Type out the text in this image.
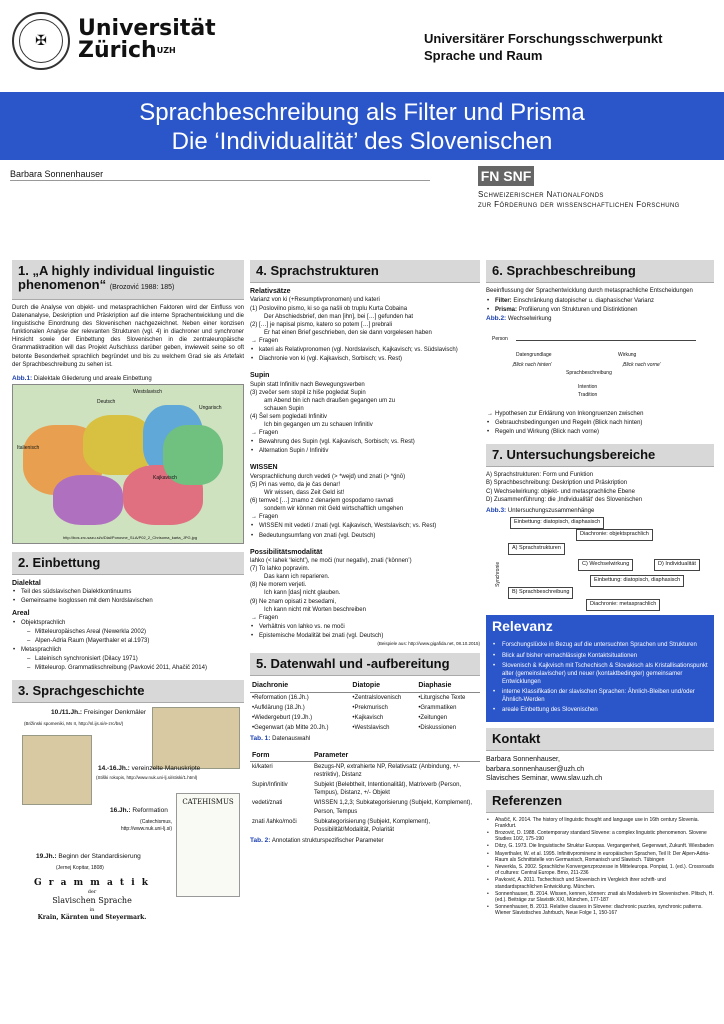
✠	Universität
Zürich$^{UZH}$
Universitärer Forschungsschwerpunkt
Sprache und Raum
Sprachbeschreibung als Filter und Prisma
Die ‘Individualität’ des Slovenischen
Barbara Sonnenhauser	FN SNF
Schweizerischer Nationalfonds
zur Förderung der wissenschaftlichen Forschung
1. „A highly individual linguistic phenomenon“ (Brozović 1988: 185)

Durch die Analyse von objekt- und metasprachlichen Faktoren wird der Einfluss von Datenanalyse, Deskription und Präskription auf die interne Sprachentwicklung und die linguistische Einordnung des Slovenischen nachgezeichnet. Neben einer konzisen funktionalen Analyse der relevanten Strukturen (vgl. 4) in diachroner und synchroner Hinsicht sowie der Einbettung des Slovenischen in die zentraleuropäische Grammatiktradition will das Projekt Aufschluss darüber geben, inwieweit seine so oft betonte Besonderheit sprachlich begründet und bis zu welchem Grad sie als Artefakt der Sprachbeschreibung zu sehen ist.

Abb.1: Dialektale Gliederung und areale Einbettung
Westslavisch
Deutsch
Ungarisch
Italienisch
Kajkavisch
http://bos.zrc-sazu.si/c/Dial/Ponovne_SLA/P02_2_Chrisoma_karta_JPG.jpg
2. Einbettung
Dialektal
• Teil des südslavischen Dialektkontinuums
• Gemeinsame Isoglossen mit dem Nordslavischen
Areal
• Objektsprachlich
– Mitteleuropäisches Areal (Newerkla 2002)
– Alpen-Adria Raum (Mayerthaler et al.1973)
• Metasprachlich
– Lateinisch synchronisiert (Dilacy 1971)
– Mitteleurop. Grammatikschreibung (Pavković 2011, Ahačič 2014)
3. Sprachgeschichte
10./11.Jh.: Freisinger Denkmäler
(Brižinski spomeniki, Ms II, http://nl.ijs.si/e-zrc/bs/)
14.-16.Jh.: vereinzelte Manuskripte
(Stiški rokopis, http://www.nuk.uni-lj.si/stiski/1.html)
16.Jh.: Reformation
(Catechismus, http://www.nuk.uni-lj.si)
CATEHISMUS
19.Jh.: Beginn der Standardisierung
(Jernej Kopitar, 1808)
G r a m m a t i k
der
Slavischen Sprache
in
Krain, Kärnten und Steyermark.
4. Sprachstrukturen
Relativsätze
Varianz von ki (+Resumptivpronomen) und kateri
(1) Poslovilno pismo, ki so ga našli ob truplu Kurta Cobaina
Der Abschiedsbrief, den man [ihn], bei […] gefunden hat
(2) […] je napisal pismo, katero so potem […] prebrali
Er hat einen Brief geschrieben, den sie dann vorgelesen haben
→ Fragen
• kateri als Relativpronomen (vgl. Nordslavisch, Kajkavisch; vs. Südslavisch)
• Diachronie von ki (vgl. Kajkavisch, Sorbisch; vs. Rest)
Supin
Supin statt Infinitiv nach Bewegungsverben
(3) zvečer sem stopil iz hiše pogledat Supin
am Abend bin ich nach draußen gegangen um zu
schauen Supin
(4) Šel sem pogledati Infinitiv
Ich bin gegangen um zu schauen Infinitiv
→ Fragen
• Bewahrung des Supin (vgl. Kajkavisch, Sorbisch; vs. Rest)
• Alternation Supin / Infinitiv
WISSEN
Versprachlichung durch vedeti (> *wejd) und znati (> *ǵnō)
(5) Pri nas vemo, da je čas denar!
Wir wissen, dass Zeit Geld ist!
(6) temveč […] znamo z denarjem gospodarno ravnati
sondern wir können mit Geld wirtschaftlich umgehen
→ Fragen
• WISSEN mit vedeti / znati (vgl. Kajkavisch, Westslavisch; vs. Rest)
• Bedeutungsumfang von znati (vgl. Deutsch)
Possibilitätsmodalität
lahko (< lahek ‘leicht’), ne moči (nur negativ), znati (‘können’)
(7) To lahko popravim.
Das kann ich reparieren.
(8) Ne morem verjeti.
Ich kann [das] nicht glauben.
(9) Ne znam opisati z besedami,
Ich kann nicht mit Worten beschreiben
→ Fragen
• Verhältnis von lahko vs. ne moči
• Epistemische Modalität bei znati (vgl. Deutsch)
(Beispiele aus: http://www.gigafida.net, 08.10.2015)
5. Datenwahl und -aufbereitung
Diachronie	Diatopie	Diaphasie
•Reformation (16.Jh.)	•Zentralslovenisch	•Liturgische Texte
•Aufklärung (18.Jh.)	•Prekmurisch	•Grammatiken
•Wiedergeburt (19.Jh.)	•Kajkavisch	•Zeitungen
•Gegenwart (ab Mitte 20.Jh.)	•Westslavisch	•Diskussionen
Tab. 1: Datenauswahl
Form	Parameter
ki/kateri	Bezugs-NP, extrahierte NP, Relativsatz (Anbindung, +/- restriktiv), Distanz
Supin/Infinitiv	Subjekt (Belebtheit, Intentionalität), Matrixverb (Person, Tempus), Distanz, +/- Objekt
vedeti/znati	WISSEN 1,2,3; Subkategorisierung (Subjekt, Komplement), Person, Tempus
znati /lahko/moči	Subkategorisierung (Subjekt, Komplement), Possibilität/Modalität, Polarität
Tab. 2: Annotation strukturspezifischer Parameter
6. Sprachbeschreibung

Beeinflussung der Sprachentwicklung durch metasprachliche Entscheidungen

• Filter: Einschränkung diatopischer u. diaphasischer Varianz
• Prisma: Profilierung von Strukturen und Distinktionen
Abb.2: Wechselwirkung
Person
Datengrundlage	Wirkung
‚Blick nach hinten‘	‚Blick nach vorne‘
Sprachbeschreibung
Intention
Tradition
→ Hypothesen zur Erklärung von Inkongruenzen zwischen
• Gebrauchsbedingungen und Regeln (Blick nach hinten)
• Regeln und Wirkung (Blick nach vorne)
7. Untersuchungsbereiche
A) Sprachstrukturen: Form und Funktion
B) Sprachbeschreibung: Deskription und Präskription
C) Wechselwirkung: objekt- und metasprachliche Ebene
D) Zusammenführung: die ‚Individualität‘ des Slovenischen
Abb.3: Untersuchungszusammenhänge
Einbettung: diatopisch, diaphasisch
Diachronie: objektsprachlich
A) Sprachstrukturen
C) Wechselwirkung	D) Individualität
Synchronie	Einbettung: diatopisch, diaphasisch
B) Sprachbeschreibung
Diachronie: metasprachlich
Relevanz
• Forschungslücke in Bezug auf die untersuchten Sprachen und Strukturen
• Blick auf bisher vernachlässigte Kontaktsituationen
• Slovenisch & Kajkvisch mit Tschechisch & Slovakisch als Kristallisationspunkt alter (gemeinslavischer) und neuer (kontaktbedingter) gemeinsamer Entwicklungen
• interne Klassifikation der slavischen Sprachen: Ähnlich-Bleiben und/oder Ähnlich-Werden
• areale Einbettung des Slovenischen
Kontakt
Barbara Sonnenhauser,
barbara.sonnenhauser@uzh.ch
Slavisches Seminar, www.slav.uzh.ch
Referenzen
• Ahačič, K. 2014. The history of linguistic thought and language use in 16th century Slovenia. Frankfurt.
• Brozović, D. 1988. Contemporary standard Slovene: a complex linguistic phenomenon. Slovene Studies 10/2, 175-190
• Ditzy, G. 1973. Die linguistische Struktur Europas. Vergangenheit, Gegenwart, Zukunft. Wiesbaden
• Mayerthaler, W. et al. 1995. Infinitivprominenz in europäischen Sprachen, Teil II: Der Alpen-Adria-Raum als Schnittstelle von Germanisch, Romanisch und Slawisch. Tübingen
• Newerkla, S. 2002. Sprachliche Konvergenzprozesse in Mitteleuropa. Ponpiat, 1. (ed.). Crossroads of cultures: Central Europe. Brno, 211-236
• Pavković, A. 2011. Tschechisch und Slovenisch im Vergleich ihrer schrift- und standardsprachlichen Entwicklung. München.
• Sonnenhauser, B. 2014. Wissen, kennen, können: znati als Modalverb im Slovenischen. Plitsch, H. (ed.). Beiträge zur Slavistik XXI, München, 177-187
• Sonnenhauser, B. 2013. Relative clauses in Slovene: diachronic puzzles, synchronic patterns. Wiener Slavistisches Jahrbuch, Neue Folge 1, 150-167
